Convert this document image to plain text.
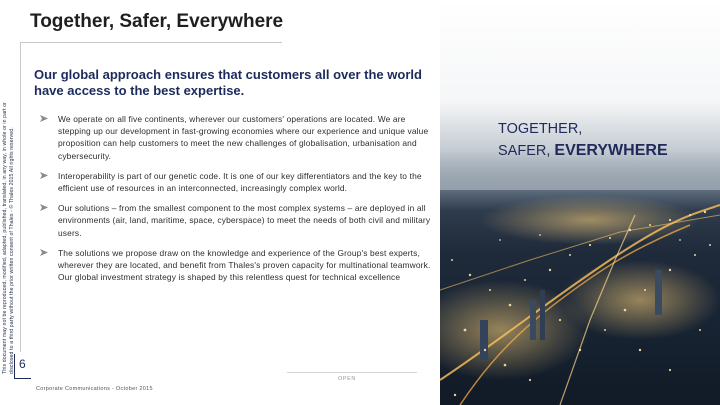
This document may not be reproduced, modified, adapted, published, translated, in any way, in whole or in part or disclosed to a third party without the prior written consent of Thales - © Thales 2015 All rights reserved.
Together, Safer, Everywhere
6
Our global approach ensures that customers all over the world have access to the best expertise.
We operate on all five continents, wherever our customers' operations are located. We are stepping up our development in fast-growing economies where our experience and unique value proposition can help customers to meet the new challenges of globalisation, urbanisation and cybersecurity.
Interoperability is part of our genetic code. It is one of our key differentiators and the key to the efficient use of resources in an interconnected, increasingly complex world.
Our solutions – from the smallest component to the most complex systems – are deployed in all environments (air, land, maritime, space, cyberspace) to meet the needs of both civil and military users.
The solutions we propose draw on the knowledge and experience of the Group's best experts, wherever they are located, and benefit from Thales's proven capacity for multinational teamwork. Our global investment strategy is shaped by this relentless quest for technical excellence
OPEN
Corporate Communications - October 2015
TOGETHER,
SAFER, EVERYWHERE
